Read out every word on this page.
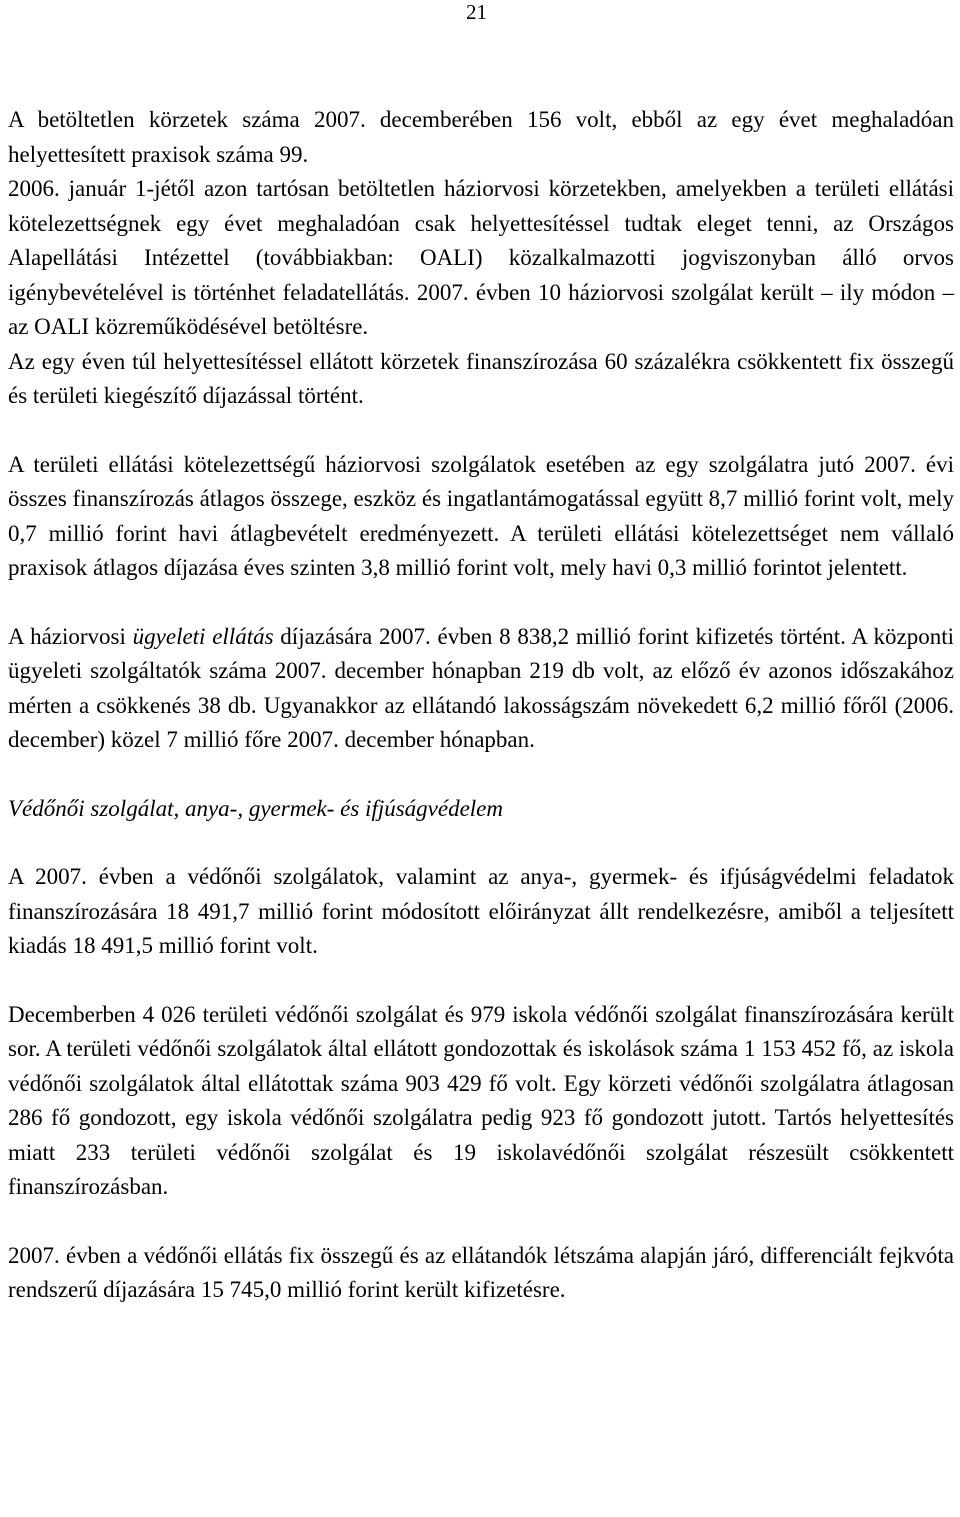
21

A betöltetlen körzetek száma 2007. decemberében 156 volt, ebből az egy évet meghaladóan helyettesített praxisok száma 99.

2006. január 1-jétől azon tartósan betöltetlen háziorvosi körzetekben, amelyekben a területi ellátási kötelezettségnek egy évet meghaladóan csak helyettesítéssel tudtak eleget tenni, az Országos Alapellátási Intézettel (továbbiakban: OALI) közalkalmazotti jogviszonyban álló orvos igénybevételével is történhet feladatellátás. 2007. évben 10 háziorvosi szolgálat került – ily módon – az OALI közreműködésével betöltésre.

Az egy éven túl helyettesítéssel ellátott körzetek finanszírozása 60 százalékra csökkentett fix összegű és területi kiegészítő díjazással történt.

A területi ellátási kötelezettségű háziorvosi szolgálatok esetében az egy szolgálatra jutó 2007. évi összes finanszírozás átlagos összege, eszköz és ingatlantámogatással együtt 8,7 millió forint volt, mely 0,7 millió forint havi átlagbevételt eredményezett. A területi ellátási kötelezettséget nem vállaló praxisok átlagos díjazása éves szinten 3,8 millió forint volt, mely havi 0,3 millió forintot jelentett.

A háziorvosi ügyeleti ellátás díjazására 2007. évben 8 838,2 millió forint kifizetés történt. A központi ügyeleti szolgáltatók száma 2007. december hónapban 219 db volt, az előző év azonos időszakához mérten a csökkenés 38 db. Ugyanakkor az ellátandó lakosságszám növekedett 6,2 millió főről (2006. december) közel 7 millió főre 2007. december hónapban.

Védőnői szolgálat, anya-, gyermek- és ifjúságvédelem

A 2007. évben a védőnői szolgálatok, valamint az anya-, gyermek- és ifjúságvédelmi feladatok finanszírozására 18 491,7 millió forint módosított előirányzat állt rendelkezésre, amiből a teljesített kiadás 18 491,5 millió forint volt.

Decemberben 4 026 területi védőnői szolgálat és 979 iskola védőnői szolgálat finanszírozására került sor. A területi védőnői szolgálatok által ellátott gondozottak és iskolások száma 1 153 452 fő, az iskola védőnői szolgálatok által ellátottak száma 903 429 fő volt. Egy körzeti védőnői szolgálatra átlagosan 286 fő gondozott, egy iskola védőnői szolgálatra pedig 923 fő gondozott jutott. Tartós helyettesítés miatt 233 területi védőnői szolgálat és 19 iskolavédőnői szolgálat részesült csökkentett finanszírozásban.

2007. évben a védőnői ellátás fix összegű és az ellátandók létszáma alapján járó, differenciált fejkvóta rendszerű díjazására 15 745,0 millió forint került kifizetésre.
